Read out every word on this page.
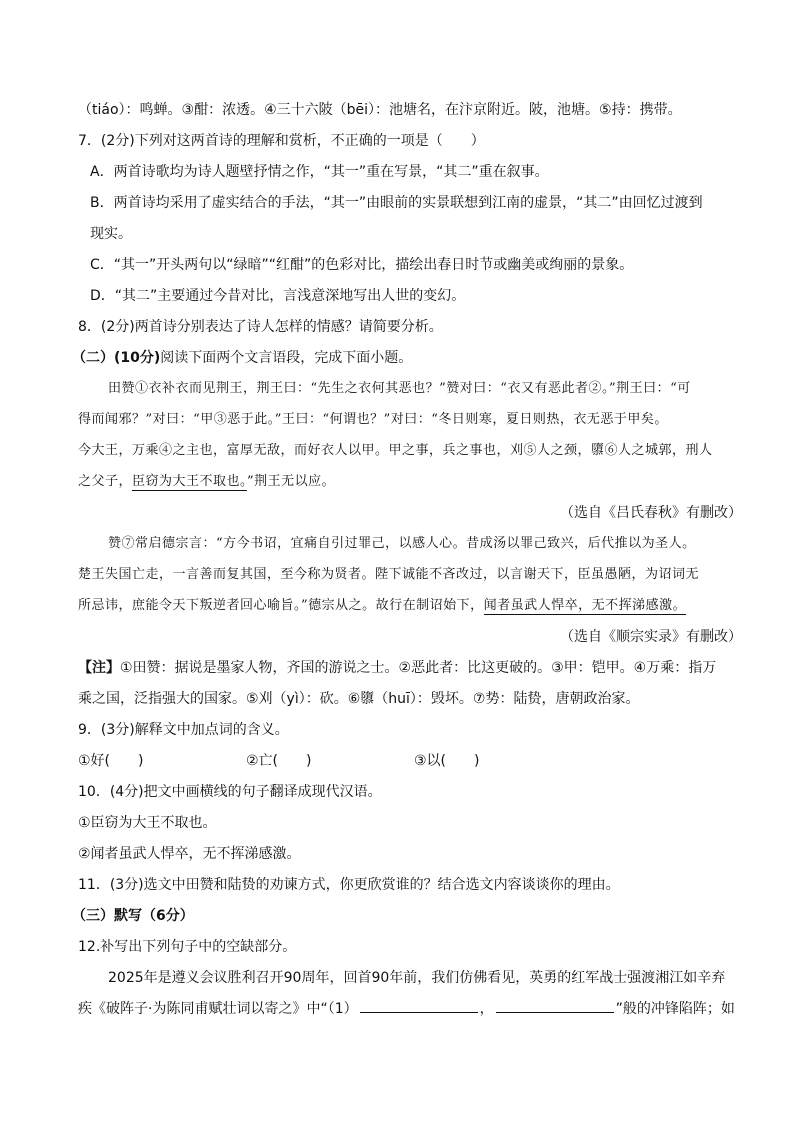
（tiáo）：鸣蝉。③酣：浓透。④三十六陂（bēi）：池塘名，在汴京附近。陂，池塘。⑤持：携带。
7．(2分)下列对这两首诗的理解和赏析，不正确的一项是（　　）
A．两首诗歌均为诗人题壁抒情之作，“其一”重在写景，“其二”重在叙事。
B．两首诗均采用了虚实结合的手法，“其一”由眼前的实景联想到江南的虚景，“其二”由回忆过渡到
现实。
C．“其一”开头两句以“绿暗”“红酣”的色彩对比，描绘出春日时节或幽美或绚丽的景象。
D．“其二”主要通过今昔对比，言浅意深地写出人世的变幻。
8．(2分)两首诗分别表达了诗人怎样的情感？请简要分析。
（二）(10分)阅读下面两个文言语段，完成下面小题。
田赞①衣补衣而见荆王，荆王曰：“先生之衣何其恶也？”赞对曰：“衣又有恶此者②。”荆王曰：“可
得而闻邪？”对曰：“甲③恶于此。”王曰：“何谓也？”对曰：“冬日则寒，夏日则热，衣无恶于甲矣。
今大王，万乘④之主也，富厚无敌，而好衣人以甲。甲之事，兵之事也，刈⑤人之颈，隳⑥人之城郭，刑人
之父子，臣窃为大王不取也。”荆王无以应。
（选自《吕氏春秋》有删改）
赞⑦常启德宗言：“方今书诏，宜痛自引过罪己，以感人心。昔成汤以罪己致兴，后代推以为圣人。
楚王失国亡走，一言善而复其国，至今称为贤者。陛下诚能不吝改过，以言谢天下，臣虽愚陋，为诏词无
所忌讳，庶能令天下叛逆者回心喻旨。”德宗从之。故行在制诏始下，闻者虽武人悍卒，无不挥涕感激。
（选自《顺宗实录》有删改）
【注】①田赞：据说是墨家人物，齐国的游说之士。②恶此者：比这更破的。③甲：铠甲。④万乘：指万
乘之国，泛指强大的国家。⑤刈（yì）：砍。⑥隳（huī）：毁坏。⑦势：陆贽，唐朝政治家。
9．(3分)解释文中加点词的含义。
①好(　　)	②亡(　　)	③以(　　)
10．(4分)把文中画横线的句子翻译成现代汉语。
①臣窃为大王不取也。
②闻者虽武人悍卒，无不挥涕感激。
11．(3分)选文中田赞和陆贽的劝谏方式，你更欣赏谁的？结合选文内容谈谈你的理由。
（三）默写（6分）
12.补写出下列句子中的空缺部分。
2025年是遵义会议胜利召开90周年，回首90年前，我们仿佛看见，英勇的红军战士强渡湘江如辛弃
疾《破阵子·为陈同甫赋壮词以寄之》中“（1）	，	”般的冲锋陷阵；如
